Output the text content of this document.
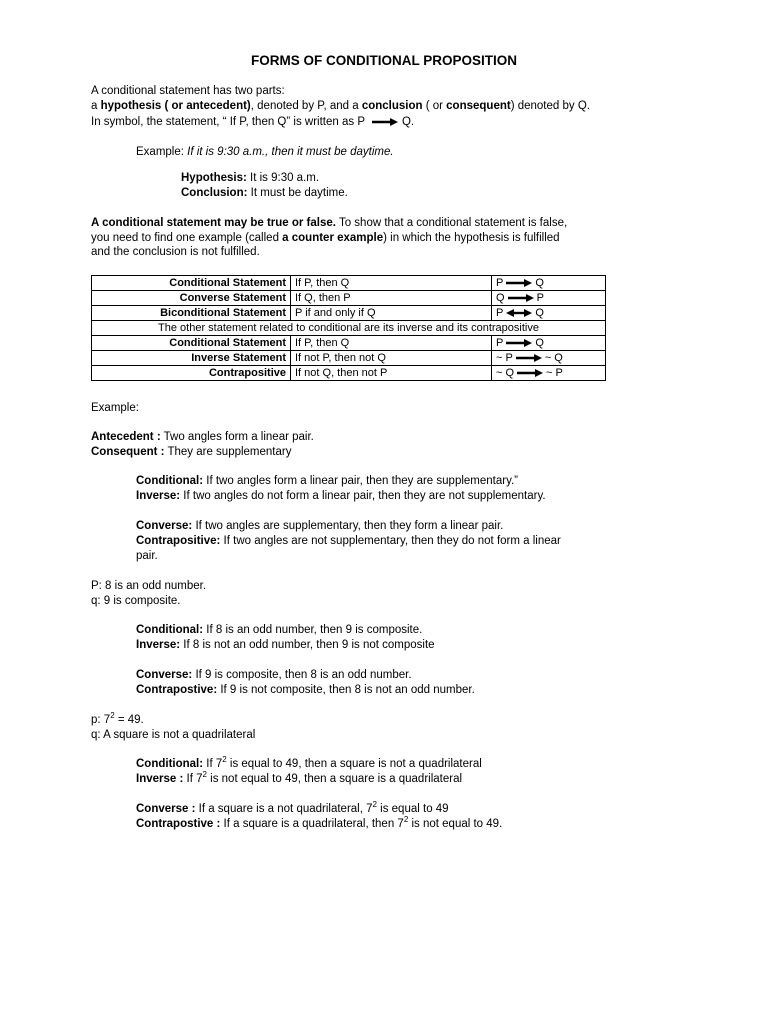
FORMS OF CONDITIONAL PROPOSITION
A conditional statement has two parts:
a hypothesis ( or antecedent), denoted by P, and a conclusion ( or consequent) denoted by Q.
In symbol, the statement, “ If P, then Q” is written as P	Q.
Example: If it is 9:30 a.m., then it must be daytime.
Hypothesis: It is 9:30 a.m.
Conclusion: It must be daytime.
A conditional statement may be true or false. To show that a conditional statement is false,
you need to find one example (called a counter example) in which the hypothesis is fulfilled
and the conclusion is not fulfilled.
Conditional Statement	If P, then Q	P Q
Converse Statement	If Q, then P	Q P
Biconditional Statement	P if and only if Q	P Q
The other statement related to conditional are its inverse and its contrapositive		
Conditional Statement	If P, then Q	P Q
Inverse Statement	If not P, then not Q	~ P ~ Q
Contrapositive	If not Q, then not P	~ Q ~ P
Example:
Antecedent : Two angles form a linear pair.
Consequent : They are supplementary
Conditional: If two angles form a linear pair, then they are supplementary.”
Inverse: If two angles do not form a linear pair, then they are not supplementary.
Converse: If two angles are supplementary, then they form a linear pair.
Contrapositive: If two angles are not supplementary, then they do not form a linear
pair.
P: 8 is an odd number.
q: 9 is composite.
Conditional: If 8 is an odd number, then 9 is composite.
Inverse: If 8 is not an odd number, then 9 is not composite
Converse: If 9 is composite, then 8 is an odd number.
Contrapostive: If 9 is not composite, then 8 is not an odd number.
p: $7^2 = 49$.
q: A square is not a quadrilateral
Conditional: If $7^2$ is equal to 49, then a square is not a quadrilateral
Inverse : If $7^2$ is not equal to 49, then a square is a quadrilateral
Converse : If a square is a not quadrilateral, $7^2$ is equal to 49
Contrapostive : If a square is a quadrilateral, then $7^2$ is not equal to 49.
